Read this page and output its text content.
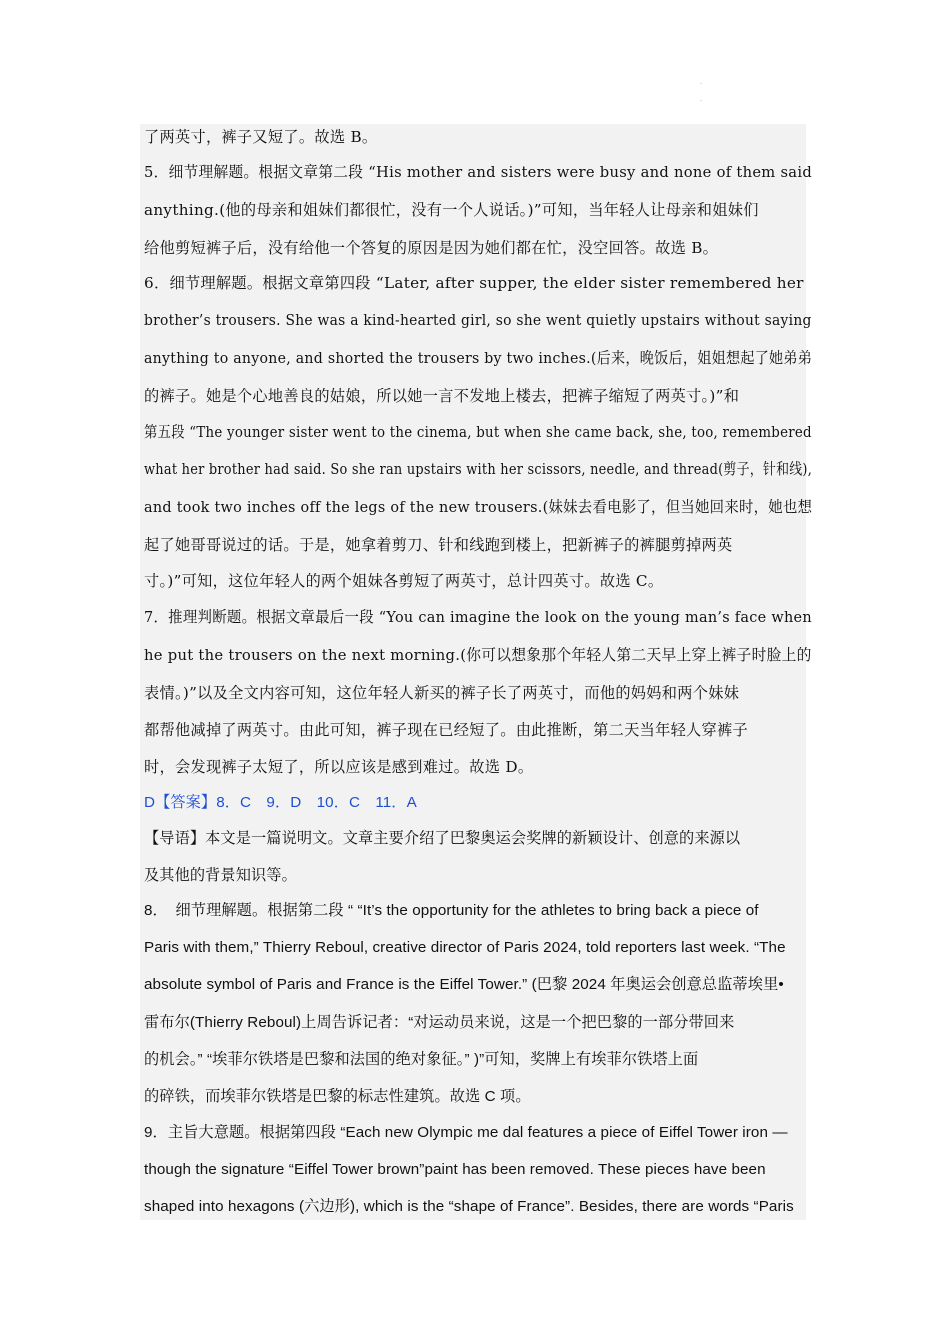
·
·
了两英寸，裤子又短了。故选 B。
5．细节理解题。根据文章第二段 “His mother and sisters were busy and none of them said
anything.(他的母亲和姐妹们都很忙，没有一个人说话。)”可知，当年轻人让母亲和姐妹们
给他剪短裤子后，没有给他一个答复的原因是因为她们都在忙，没空回答。故选 B。
6．细节理解题。根据文章第四段 “Later, after supper, the elder sister remembered her
brother’s trousers. She was a kind-hearted girl, so she went quietly upstairs without saying
anything to anyone, and shorted the trousers by two inches.(后来，晚饭后，姐姐想起了她弟弟
的裤子。她是个心地善良的姑娘，所以她一言不发地上楼去，把裤子缩短了两英寸。)”和
第五段 “The younger sister went to the cinema, but when she came back, she, too, remembered
what her brother had said. So she ran upstairs with her scissors, needle, and thread(剪子，针和线),
and took two inches off the legs of the new trousers.(妹妹去看电影了，但当她回来时，她也想
起了她哥哥说过的话。于是，她拿着剪刀、针和线跑到楼上，把新裤子的裤腿剪掉两英
寸。)”可知，这位年轻人的两个姐妹各剪短了两英寸，总计四英寸。故选 C。
7．推理判断题。根据文章最后一段 “You can imagine the look on the young man’s face when
he put the trousers on the next morning.(你可以想象那个年轻人第二天早上穿上裤子时脸上的
表情。)”以及全文内容可知，这位年轻人新买的裤子长了两英寸，而他的妈妈和两个妹妹
都帮他减掉了两英寸。由此可知，裤子现在已经短了。由此推断，第二天当年轻人穿裤子
时，会发现裤子太短了，所以应该是感到难过。故选 D。
D【答案】8．C　9．D　10．C　11．A
【导语】本文是一篇说明文。文章主要介绍了巴黎奥运会奖牌的新颖设计、创意的来源以
及其他的背景知识等。
8．　细节理解题。根据第二段 “ “It’s the opportunity for the athletes to bring back a piece of
Paris with them,” Thierry Reboul, creative director of Paris 2024, told reporters last week. “The
absolute symbol of Paris and France is the Eiffel Tower.” (巴黎 2024 年奥运会创意总监蒂埃里•
雷布尔(Thierry Reboul)上周告诉记者：“对运动员来说，这是一个把巴黎的一部分带回来
的机会。” “埃菲尔铁塔是巴黎和法国的绝对象征。” )”可知，奖牌上有埃菲尔铁塔上面
的碎铁，而埃菲尔铁塔是巴黎的标志性建筑。故选 C 项。
9．主旨大意题。根据第四段 “Each new Olympic me dal features a piece of Eiffel Tower iron —
though the signature “Eiffel Tower brown”paint has been removed. These pieces have been
shaped into hexagons (六边形), which is the “shape of France”. Besides, there are words “Paris
